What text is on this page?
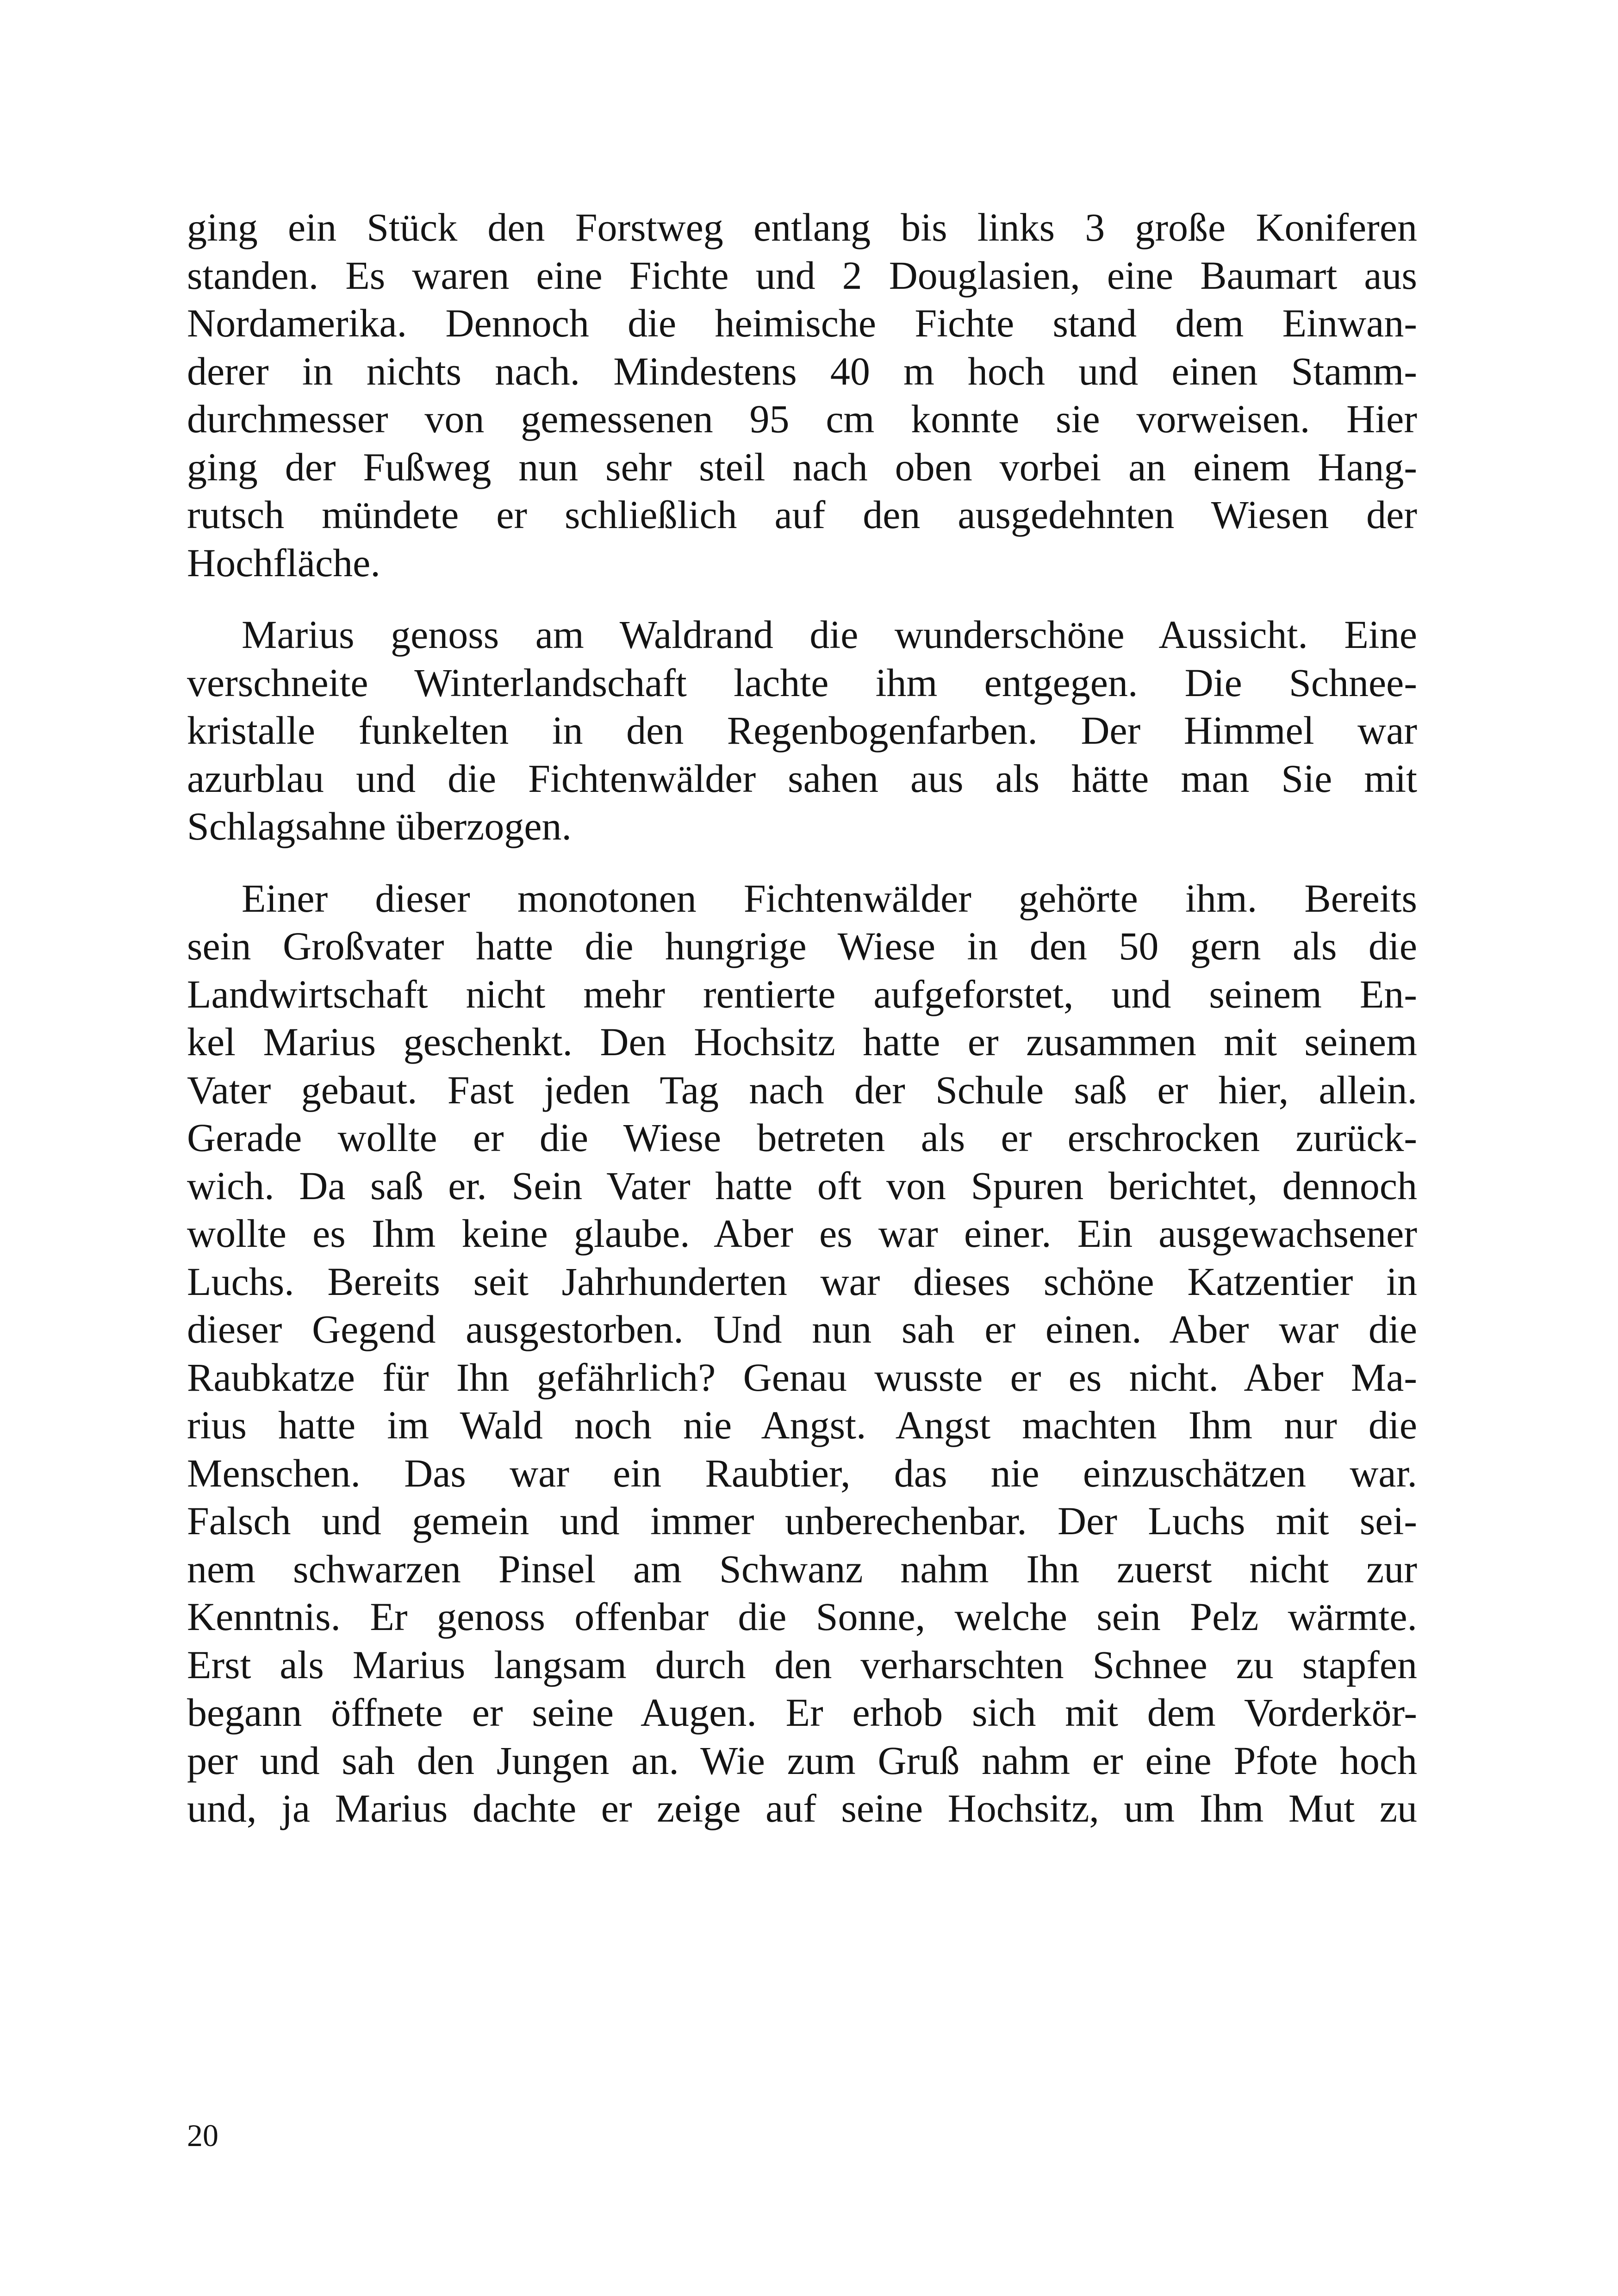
ging ein Stück den Forstweg entlang bis links 3 große Koniferen
standen. Es waren eine Fichte und 2 Douglasien, eine Baumart aus
Nordamerika. Dennoch die heimische Fichte stand dem Einwan-
derer in nichts nach. Mindestens 40 m hoch und einen Stamm-
durchmesser von gemessenen 95 cm konnte sie vorweisen. Hier
ging der Fußweg nun sehr steil nach oben vorbei an einem Hang-
rutsch mündete er schließlich auf den ausgedehnten Wiesen der
Hochfläche.
Marius genoss am Waldrand die wunderschöne Aussicht. Eine
verschneite Winterlandschaft lachte ihm entgegen. Die Schnee-
kristalle funkelten in den Regenbogenfarben. Der Himmel war
azurblau und die Fichtenwälder sahen aus als hätte man Sie mit
Schlagsahne überzogen.
Einer dieser monotonen Fichtenwälder gehörte ihm. Bereits
sein Großvater hatte die hungrige Wiese in den 50 gern als die
Landwirtschaft nicht mehr rentierte aufgeforstet, und seinem En-
kel Marius geschenkt. Den Hochsitz hatte er zusammen mit seinem
Vater gebaut. Fast jeden Tag nach der Schule saß er hier, allein.
Gerade wollte er die Wiese betreten als er erschrocken zurück-
wich. Da saß er. Sein Vater hatte oft von Spuren berichtet, dennoch
wollte es Ihm keine glaube. Aber es war einer. Ein ausgewachsener
Luchs. Bereits seit Jahrhunderten war dieses schöne Katzentier in
dieser Gegend ausgestorben. Und nun sah er einen. Aber war die
Raubkatze für Ihn gefährlich? Genau wusste er es nicht. Aber Ma-
rius hatte im Wald noch nie Angst. Angst machten Ihm nur die
Menschen. Das war ein Raubtier, das nie einzuschätzen war.
Falsch und gemein und immer unberechenbar. Der Luchs mit sei-
nem schwarzen Pinsel am Schwanz nahm Ihn zuerst nicht zur
Kenntnis. Er genoss offenbar die Sonne, welche sein Pelz wärmte.
Erst als Marius langsam durch den verharschten Schnee zu stapfen
begann öffnete er seine Augen. Er erhob sich mit dem Vorderkör-
per und sah den Jungen an. Wie zum Gruß nahm er eine Pfote hoch
und, ja Marius dachte er zeige auf seine Hochsitz, um Ihm Mut zu
20
